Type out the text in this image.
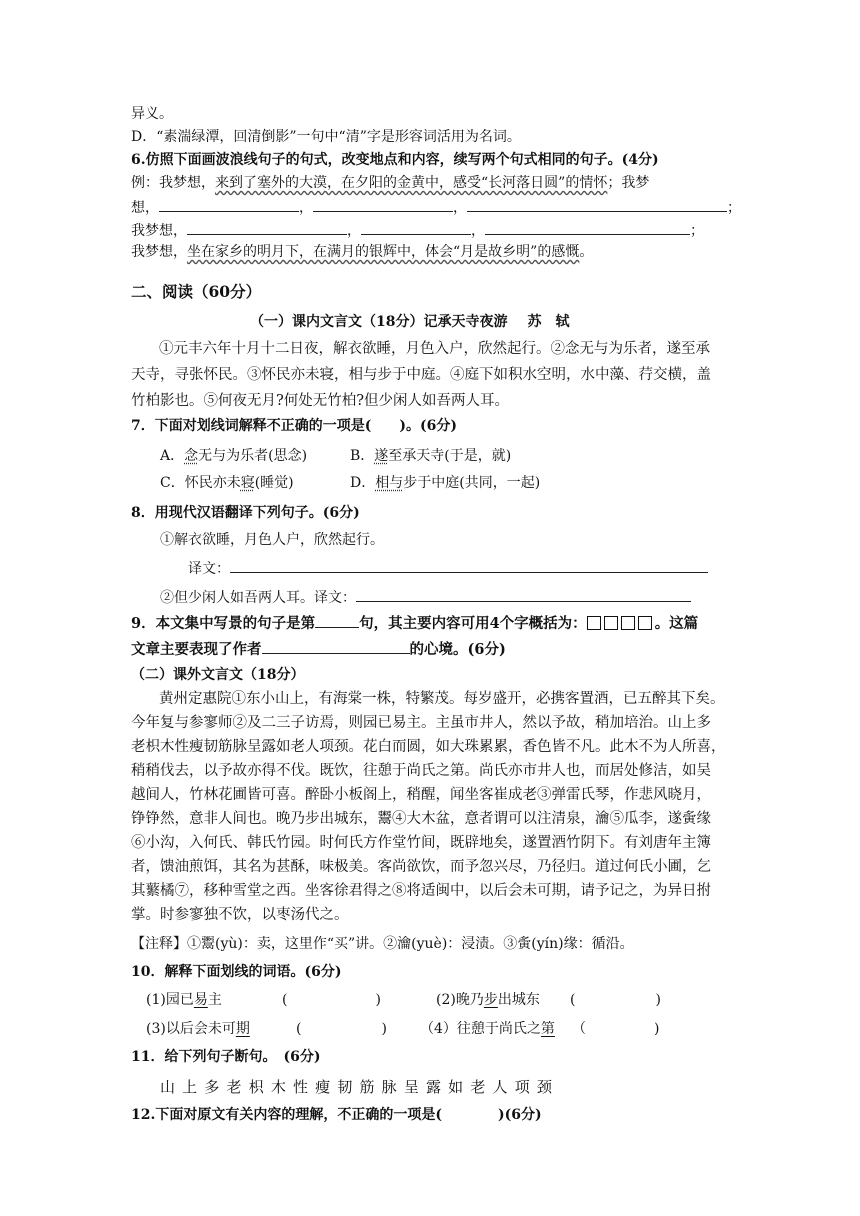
异义。
D．“素湍绿潭，回清倒影”一句中“清”字是形容词活用为名词。
6.仿照下面画波浪线句子的句式，改变地点和内容，续写两个句式相同的句子。(4分)
例：我梦想，来到了塞外的大漠，在夕阳的金黄中，感受“长河落日圆”的情怀；我梦
想，	，	，	；
我梦想，	，	，	；
我梦想，坐在家乡的明月下，在满月的银辉中，体会“月是故乡明”的感慨。
二、阅读（60分）
（一）课内文言文（18分）记承天寺夜游 苏　轼
①元丰六年十月十二日夜，解衣欲睡，月色入户，欣然起行。②念无与为乐者，遂至承
天寺，寻张怀民。③怀民亦未寝，相与步于中庭。④庭下如积水空明，水中藻、荇交横，盖
竹柏影也。⑤何夜无月?何处无竹柏?但少闲人如吾两人耳。
7．下面对划线词解释不正确的一项是(　　)。(6分)
A．念无与为乐者(思念)	B．遂至承天寺(于是，就)
C．怀民亦未寝(睡觉)	D．相与步于中庭(共同，一起)
8．用现代汉语翻译下列句子。(6分)
①解衣欲睡，月色人户，欣然起行。
译文：
②但少闲人如吾两人耳。译文：
9．本文集中写景的句子是第	句，其主要内容可用4个字概括为：	。这篇
文章主要表现了作者	的心境。(6分)
（二）课外文言文（18分）
黄州定惠院①东小山上，有海棠一株，特繁茂。每岁盛开，必携客置酒，已五醉其下矣。
今年复与参寥师②及二三子访焉，则园已易主。主虽市井人，然以予故，稍加培治。山上多
老枳木性瘦韧筋脉呈露如老人项颈。花白而圆，如大珠累累，香色皆不凡。此木不为人所喜，
稍稍伐去，以予故亦得不伐。既饮，往憩于尚氏之第。尚氏亦市井人也，而居处修洁，如吴
越间人，竹林花圃皆可喜。醉卧小板阁上，稍醒，闻坐客崔成老③弹雷氏琴，作悲风晓月，
铮铮然，意非人间也。晚乃步出城东，鬻④大木盆，意者谓可以注清泉，瀹⑤瓜李，遂夤缘
⑥小沟，入何氏、韩氏竹园。时何氏方作堂竹间，既辟地矣，遂置酒竹阴下。有刘唐年主簿
者，馈油煎饵，其名为甚酥，味极美。客尚欲饮，而予忽兴尽，乃径归。道过何氏小圃，乞
其蘩橘⑦，移种雪堂之西。坐客徐君得之⑧将适闽中，以后会未可期，请予记之，为异日拊
掌。时参寥独不饮，以枣汤代之。
【注释】①鬻(yù)：卖，这里作“买”讲。②瀹(yuè)：浸渍。③夤(yín)缘：循沿。
10．解释下面划线的词语。(6分)
(1)园已易主	(	)	(2)晚乃步出城东 (	)
(3)以后会未可期	(	) （4）往憩于尚氏之第 （	)
11．给下列句子断句。　(6分)
山 上 多 老 枳 木 性 瘦 韧 筋 脉 呈 露 如 老 人 项 颈
12.下面对原文有关内容的理解，不正确的一项是(　　　　)(6分)
